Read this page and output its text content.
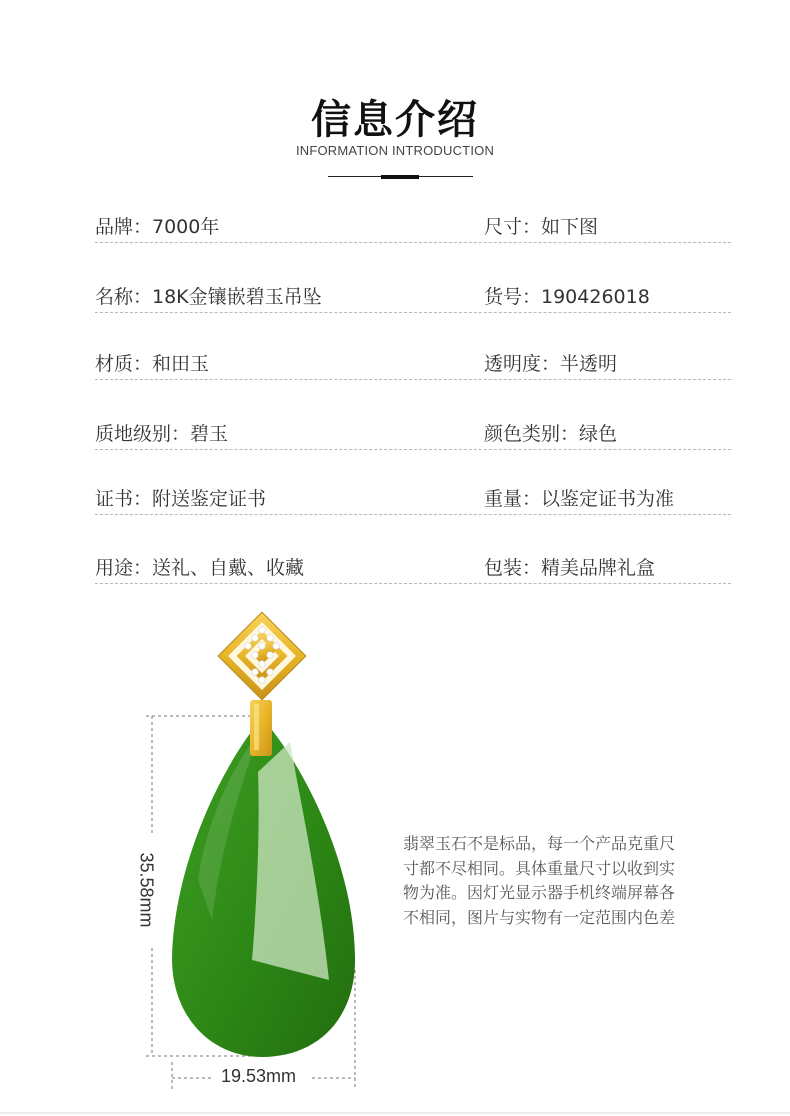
信息介绍
INFORMATION INTRODUCTION
品牌：7000年	尺寸：如下图
名称：18K金镶嵌碧玉吊坠	货号：190426018
材质：和田玉	透明度：半透明
质地级别：碧玉	颜色类别：绿色
证书：附送鉴定证书	重量：以鉴定证书为准
用途：送礼、自戴、收藏	包装：精美品牌礼盒
35.58mm
19.53mm
翡翠玉石不是标品，每一个产品克重尺
寸都不尽相同。具体重量尺寸以收到实
物为准。因灯光显示器手机终端屏幕各
不相同，图片与实物有一定范围内色差
